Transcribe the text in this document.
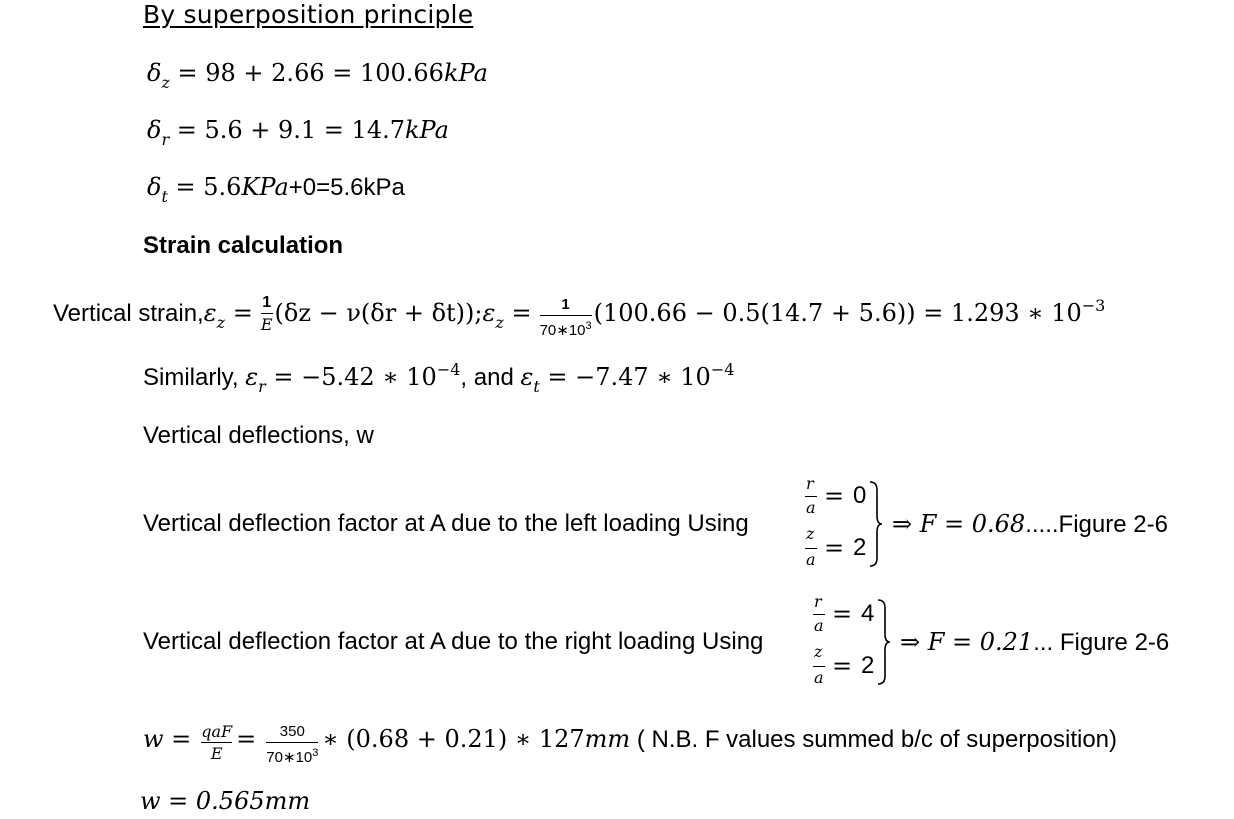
By superposition principle
$\delta_z = 98 + 2.66 = 100.66kPa$
$\delta_r = 5.6 + 9.1 = 14.7kPa$
$\delta_t = 5.6KPa+0=5.6kPa$
Strain calculation
Vertical $strain,\varepsilon_z = \frac{1}{E} (\delta z - \nu(\delta r$ + $\delta t));\varepsilon_z = \frac{1}{70∗10^3} (100.66 - 0.5(14.7 + 5.6)) = 1.293$ ∗ $10^{-3}$
Similarly, $\varepsilon_r = -5.42$ ∗ $10^{-4}$, and $\varepsilon_t = -7.47$ ∗ $10^{-4}$
Vertical deflections, w
Vertical deflection factor at A due to the left loading Using
r
a = 0
z
a = 2
⇒ F = 0.68.....Figure 2-6
Vertical deflection factor at A due to the right loading Using
r
a = 4
z
a = 2
⇒ F = 0.21... Figure 2-6
$w = \frac{\text{qaF}}{E} = \frac{350}{70∗10^3}$ ∗ (0.68 + 0.21) ∗ 127mm ( N.B. F values summed b/c of superposition)
w = 0.565mm
